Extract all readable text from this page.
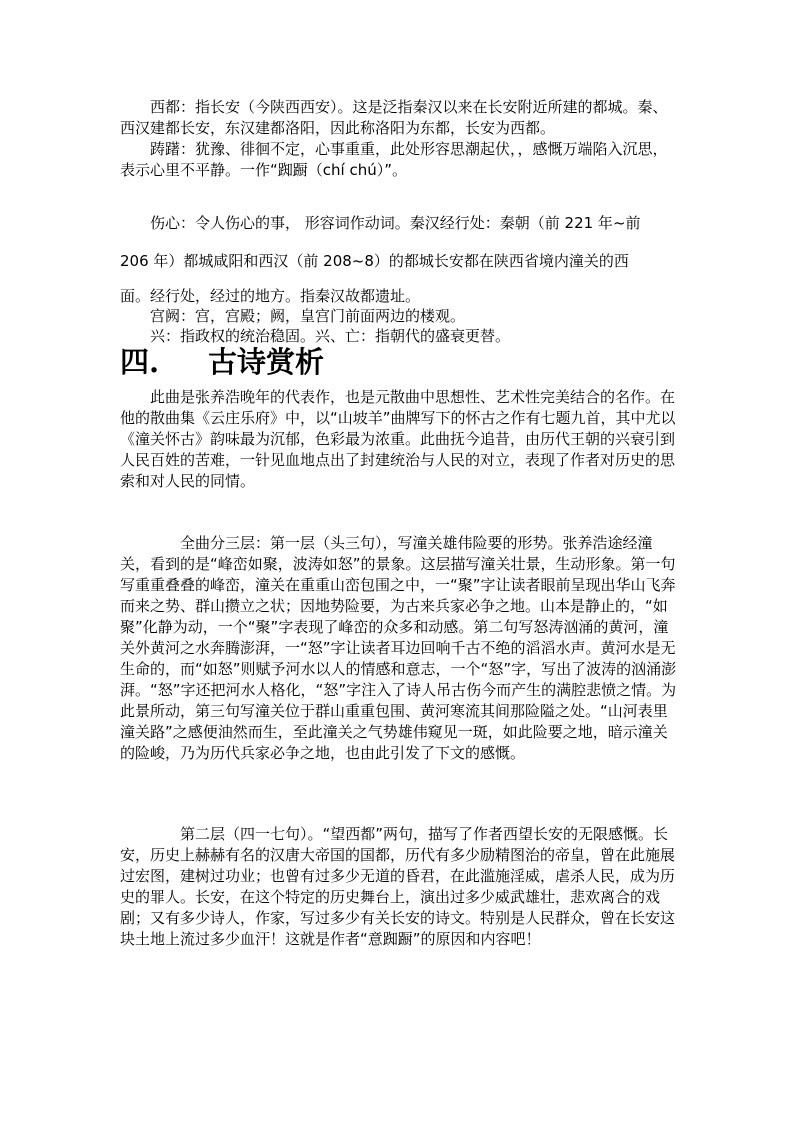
西都：指长安（今陕西西安）。这是泛指秦汉以来在长安附近所建的都城。秦、西汉建都长安，东汉建都洛阳，因此称洛阳为东都，长安为西都。

踌躇：犹豫、徘徊不定，心事重重，此处形容思潮起伏，，感慨万端陷入沉思，表示心里不平静。一作“踟蹰（chí chú）”。

伤心：令人伤心的事， 形容词作动词。秦汉经行处：秦朝（前 221 年~前

206 年）都城咸阳和西汉（前 208~8）的都城长安都在陕西省境内潼关的西

面。经行处，经过的地方。指秦汉故都遗址。

宫阙：宫，宫殿；阙，皇宫门前面两边的楼观。

兴：指政权的统治稳固。兴、亡：指朝代的盛衰更替。

四. 古诗赏析

此曲是张养浩晚年的代表作，也是元散曲中思想性、艺术性完美结合的名作。在他的散曲集《云庄乐府》中，以“山坡羊”曲牌写下的怀古之作有七题九首，其中尤以《潼关怀古》韵味最为沉郁，色彩最为浓重。此曲抚今追昔，由历代王朝的兴衰引到人民百姓的苦难，一针见血地点出了封建统治与人民的对立，表现了作者对历史的思索和对人民的同情。

全曲分三层：第一层（头三句），写潼关雄伟险要的形势。张养浩途经潼关，看到的是“峰峦如聚，波涛如怒”的景象。这层描写潼关壮景，生动形象。第一句写重重叠叠的峰峦，潼关在重重山峦包围之中，一“聚”字让读者眼前呈现出华山飞奔而来之势、群山攒立之状；因地势险要，为古来兵家必争之地。山本是静止的，“如聚”化静为动，一个“聚”字表现了峰峦的众多和动感。第二句写怒涛汹涌的黄河，潼关外黄河之水奔腾澎湃，一“怒”字让读者耳边回响千古不绝的滔滔水声。黄河水是无生命的，而“如怒”则赋予河水以人的情感和意志，一个“怒”字，写出了波涛的汹涌澎湃。“怒”字还把河水人格化，“怒”字注入了诗人吊古伤今而产生的满腔悲愤之情。为此景所动，第三句写潼关位于群山重重包围、黄河寒流其间那险隘之处。“山河表里潼关路”之感便油然而生，至此潼关之气势雄伟窥见一斑，如此险要之地，暗示潼关的险峻，乃为历代兵家必争之地，也由此引发了下文的感慨。

第二层（四一七句）。“望西都”两句，描写了作者西望长安的无限感慨。长安，历史上赫赫有名的汉唐大帝国的国都，历代有多少励精图治的帝皇，曾在此施展过宏图，建树过功业；也曾有过多少无道的昏君，在此滥施淫威，虐杀人民，成为历史的罪人。长安，在这个特定的历史舞台上，演出过多少威武雄壮，悲欢离合的戏剧；又有多少诗人，作家，写过多少有关长安的诗文。特别是人民群众，曾在长安这块土地上流过多少血汗！这就是作者“意踟蹰”的原因和内容吧！
